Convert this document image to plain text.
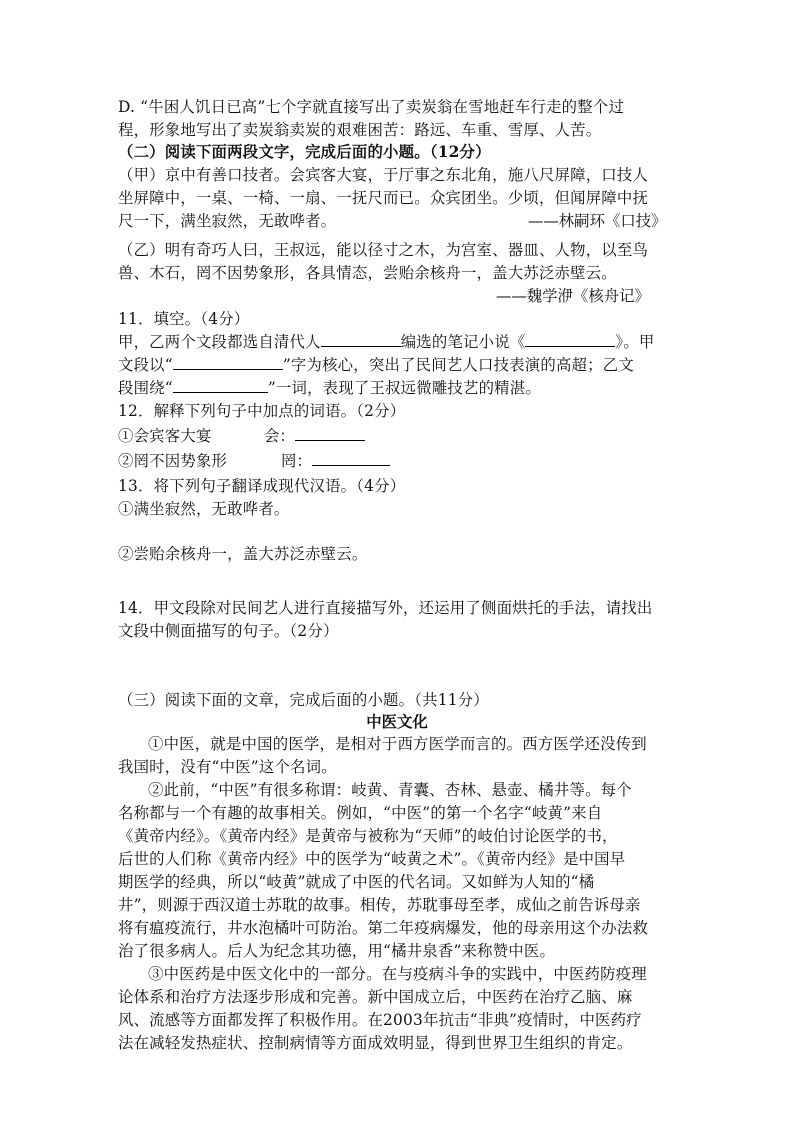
D. “牛困人饥日已高”七个字就直接写出了卖炭翁在雪地赶车行走的整个过
程，形象地写出了卖炭翁卖炭的艰难困苦：路远、车重、雪厚、人苦。
（二）阅读下面两段文字，完成后面的小题。（12分）
（甲）京中有善口技者。会宾客大宴，于厅事之东北角，施八尺屏障，口技人
坐屏障中，一桌、一椅、一扇、一抚尺而已。众宾团坐。少顷，但闻屏障中抚
尺一下，满坐寂然，无敢哗者。	——林嗣环《口技》
（乙）明有奇巧人曰，王叔远，能以径寸之木，为宫室、器皿、人物，以至鸟
兽、木石，罔不因势象形，各具情态，尝贻余核舟一，盖大苏泛赤壁云。
——魏学洢《核舟记》
11．填空。（4分）
甲，乙两个文段都选自清代人	编选的笔记小说《	》。甲
文段以“	”字为核心，突出了民间艺人口技表演的高超；乙文
段围绕“	”一词，表现了王叔远微雕技艺的精湛。
12．解释下列句子中加点的词语。（2分）
①会宾客大宴	会：
②罔不因势象形	罔：
13．将下列句子翻译成现代汉语。（4分）
①满坐寂然，无敢哗者。
②尝贻余核舟一，盖大苏泛赤壁云。
14．甲文段除对民间艺人进行直接描写外，还运用了侧面烘托的手法，请找出
文段中侧面描写的句子。（2分）
（三）阅读下面的文章，完成后面的小题。（共11分）
中医文化
①中医，就是中国的医学，是相对于西方医学而言的。西方医学还没传到
我国时，没有“中医”这个名词。
②此前，“中医”有很多称谓：岐黄、青囊、杏林、悬壶、橘井等。每个
名称都与一个有趣的故事相关。例如，“中医”的第一个名字“岐黄”来自
《黄帝内经》。《黄帝内经》是黄帝与被称为“天师”的岐伯讨论医学的书，
后世的人们称《黄帝内经》中的医学为“岐黄之术”。《黄帝内经》是中国早
期医学的经典，所以“岐黄”就成了中医的代名词。又如鲜为人知的“橘
井”，则源于西汉道士苏耽的故事。相传，苏耽事母至孝，成仙之前告诉母亲
将有瘟疫流行，井水泡橘叶可防治。第二年疫病爆发，他的母亲用这个办法救
治了很多病人。后人为纪念其功德，用“橘井泉香”来称赞中医。
③中医药是中医文化中的一部分。在与疫病斗争的实践中，中医药防疫理
论体系和治疗方法逐步形成和完善。新中国成立后，中医药在治疗乙脑、麻
风、流感等方面都发挥了积极作用。在2003年抗击“非典”疫情时，中医药疗
法在减轻发热症状、控制病情等方面成效明显，得到世界卫生组织的肯定。
